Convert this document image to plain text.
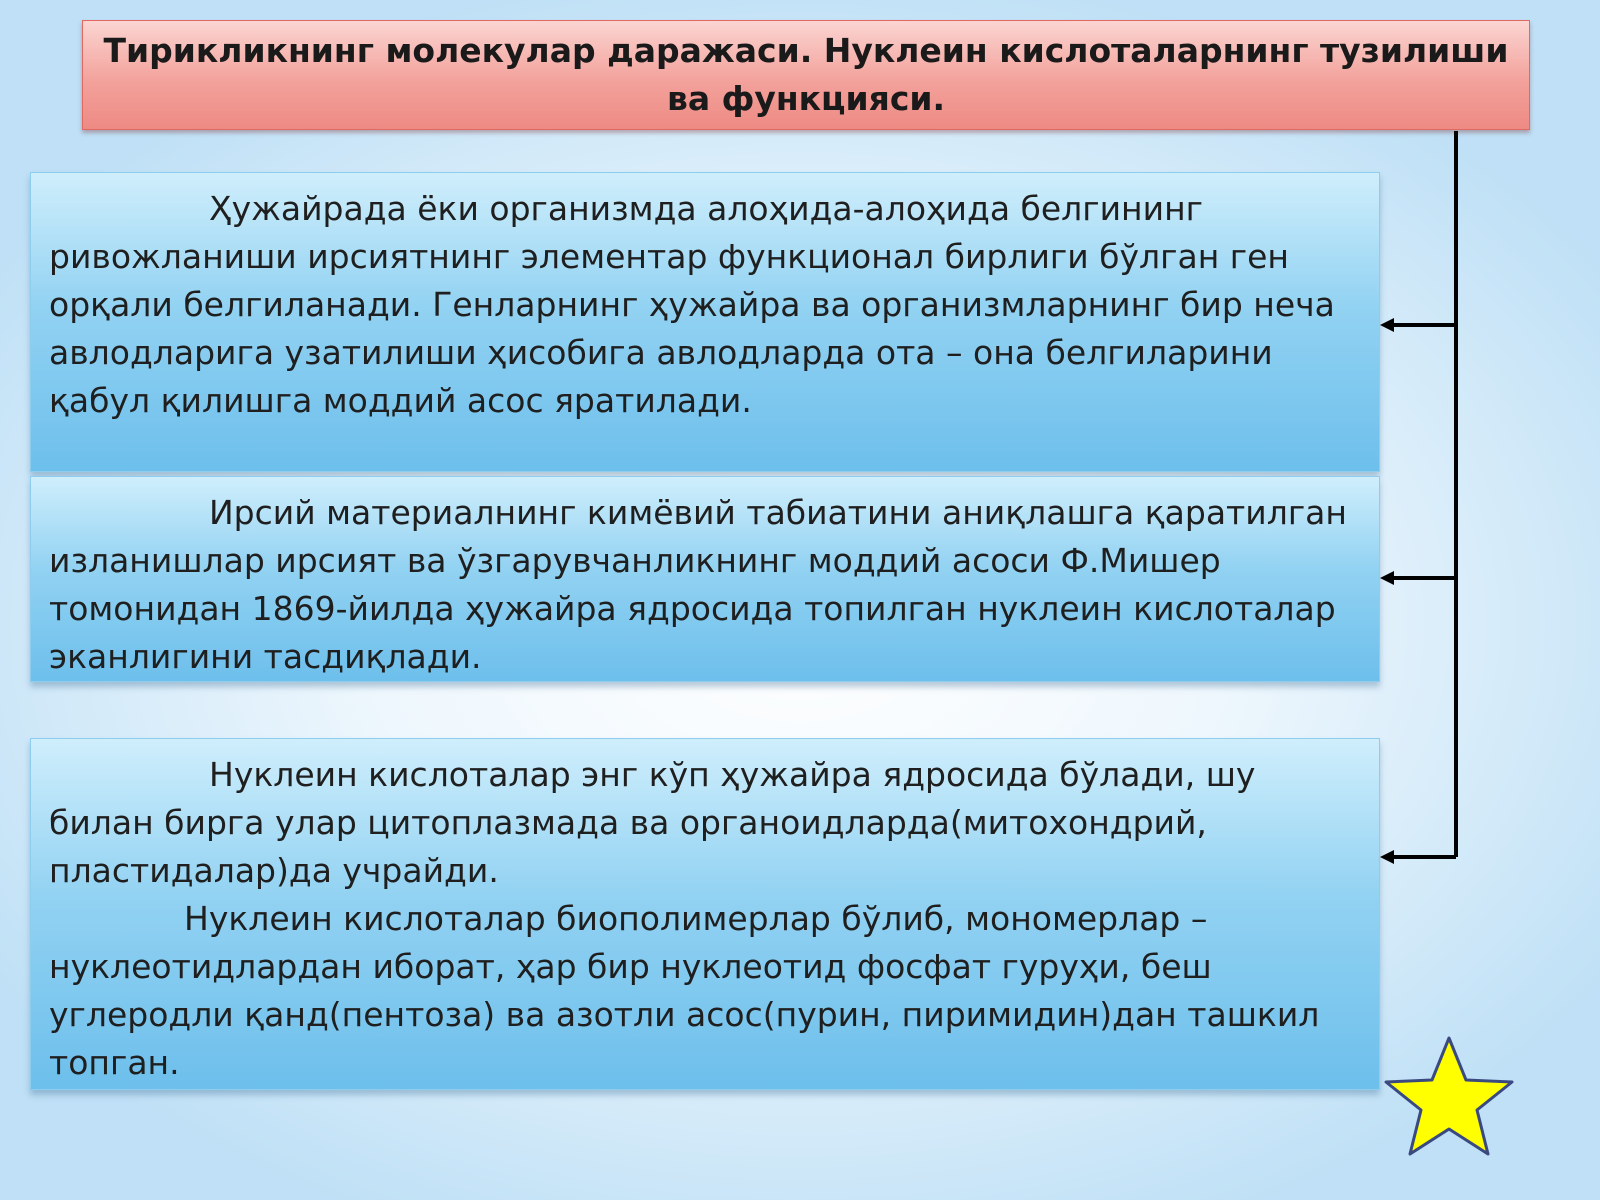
Тирикликнинг молекулар даражаси. Нуклеин кислоталарнинг тузилиши ва функцияси.

Ҳужайрада ёки организмда алоҳида-алоҳида белгининг ривожланиши ирсиятнинг элементар функционал бирлиги бўлган ген орқали белгиланади. Генларнинг ҳужайра ва организмларнинг бир неча авлодларига узатилиши ҳисобига авлодларда ота – она белгиларини қабул қилишга моддий асос яратилади.

Ирсий материалнинг кимёвий табиатини аниқлашга қаратилган изланишлар ирсият ва ўзгарувчанликнинг моддий асоси Ф.Мишер томонидан 1869-йилда ҳужайра ядросида топилган нуклеин кислоталар эканлигини тасдиқлади.

Нуклеин кислоталар энг кўп ҳужайра ядросида бўлади, шу билан бирга улар цитоплазмада ва органоидларда(митохондрий, пластидалар)да учрайди.

Нуклеин кислоталар биополимерлар бўлиб, мономерлар – нуклеотидлардан иборат, ҳар бир нуклеотид фосфат гуруҳи, беш углеродли қанд(пентоза) ва азотли асос(пурин, пиримидин)дан ташкил топган.
